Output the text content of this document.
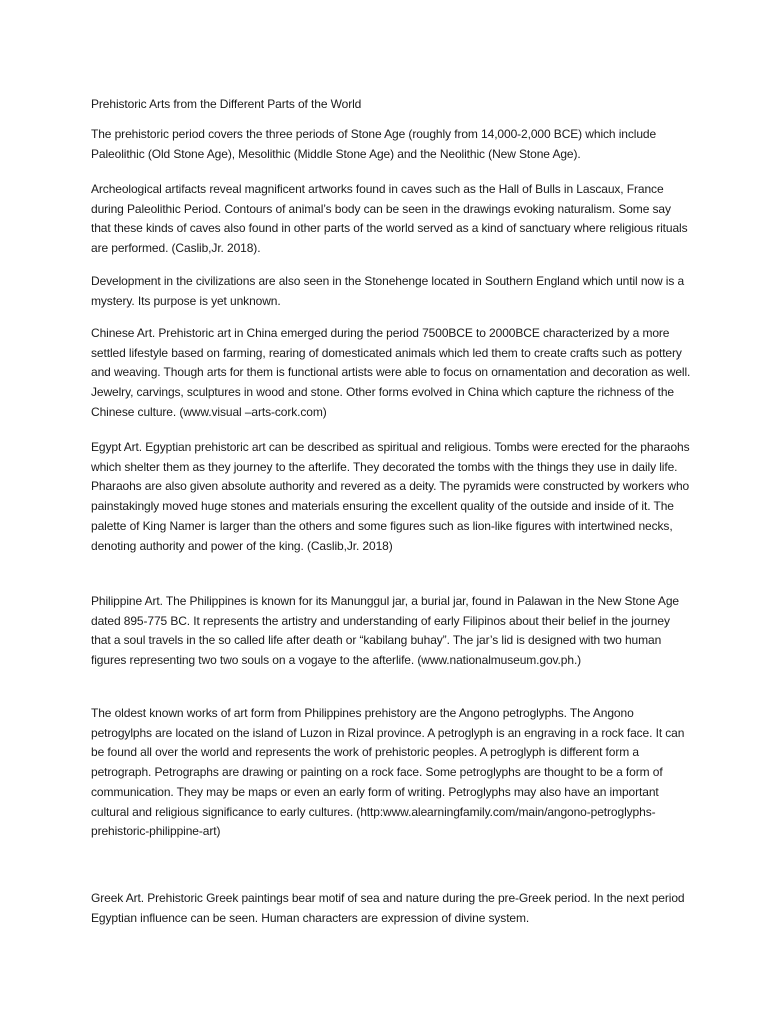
Prehistoric Arts from the Different Parts of the World

The prehistoric period covers the three periods of Stone Age (roughly from 14,000-2,000 BCE) which include Paleolithic (Old Stone Age), Mesolithic (Middle Stone Age) and the Neolithic (New Stone Age).

Archeological artifacts reveal magnificent artworks found in caves such as the Hall of Bulls in Lascaux, France during Paleolithic Period. Contours of animal’s body can be seen in the drawings evoking naturalism. Some say that these kinds of caves also found in other parts of the world served as a kind of sanctuary where religious rituals are performed. (Caslib,Jr. 2018).

Development in the civilizations are also seen in the Stonehenge located in Southern England which until now is a mystery. Its purpose is yet unknown.

Chinese Art. Prehistoric art in China emerged during the period 7500BCE to 2000BCE characterized by a more settled lifestyle based on farming, rearing of domesticated animals which led them to create crafts such as pottery and weaving. Though arts for them is functional artists were able to focus on ornamentation and decoration as well. Jewelry, carvings, sculptures in wood and stone. Other forms evolved in China which capture the richness of the Chinese culture. (www.visual –arts-cork.com)

Egypt Art. Egyptian prehistoric art can be described as spiritual and religious. Tombs were erected for the pharaohs which shelter them as they journey to the afterlife. They decorated the tombs with the things they use in daily life. Pharaohs are also given absolute authority and revered as a deity. The pyramids were constructed by workers who painstakingly moved huge stones and materials ensuring the excellent quality of the outside and inside of it. The palette of King Namer is larger than the others and some figures such as lion-like figures with intertwined necks, denoting authority and power of the king. (Caslib,Jr. 2018)

Philippine Art. The Philippines is known for its Manunggul jar, a burial jar, found in Palawan in the New Stone Age dated 895-775 BC. It represents the artistry and understanding of early Filipinos about their belief in the journey that a soul travels in the so called life after death or “kabilang buhay”. The jar’s lid is designed with two human figures representing two two souls on a vogaye to the afterlife. (www.nationalmuseum.gov.ph.)

The oldest known works of art form from Philippines prehistory are the Angono petroglyphs. The Angono petrogylphs are located on the island of Luzon in Rizal province. A petroglyph is an engraving in a rock face. It can be found all over the world and represents the work of prehistoric peoples. A petroglyph is different form a petrograph. Petrographs are drawing or painting on a rock face. Some petroglyphs are thought to be a form of communication. They may be maps or even an early form of writing. Petroglyphs may also have an important cultural and religious significance to early cultures. (http:www.alearningfamily.com/main/angono-petroglyphs-prehistoric-philippine-art)

Greek Art. Prehistoric Greek paintings bear motif of sea and nature during the pre-Greek period. In the next period Egyptian influence can be seen. Human characters are expression of divine system.
